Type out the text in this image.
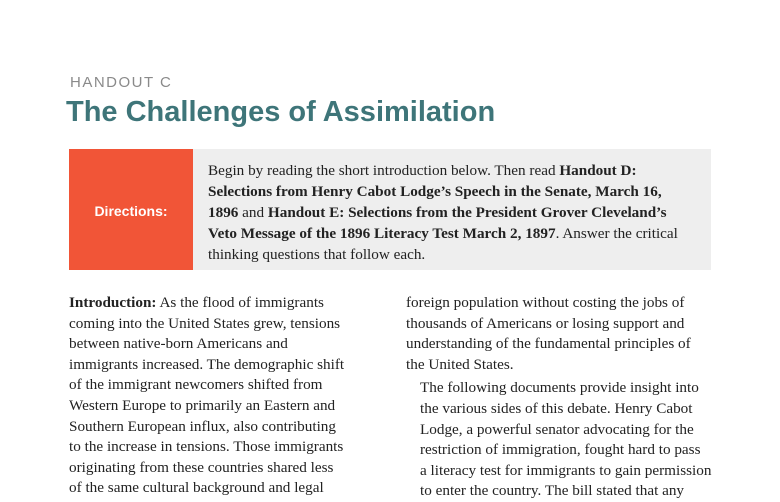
HANDOUT C
The Challenges of Assimilation
Directions:
Begin by reading the short introduction below. Then read Handout D:
Selections from Henry Cabot Lodge’s Speech in the Senate, March 16,
1896 and Handout E: Selections from the President Grover Cleveland’s
Veto Message of the 1896 Literacy Test March 2, 1897. Answer the critical
thinking questions that follow each.

Introduction: As the flood of immigrants
coming into the United States grew, tensions
between native-born Americans and
immigrants increased. The demographic shift
of the immigrant newcomers shifted from
Western Europe to primarily an Eastern and
Southern European influx, also contributing
to the increase in tensions. Those immigrants
originating from these countries shared less
of the same cultural background and legal

foreign population without costing the jobs of
thousands of Americans or losing support and
understanding of the fundamental principles of
the United States.

The following documents provide insight into
the various sides of this debate. Henry Cabot
Lodge, a powerful senator advocating for the
restriction of immigration, fought hard to pass
a literacy test for immigrants to gain permission
to enter the country. The bill stated that any
